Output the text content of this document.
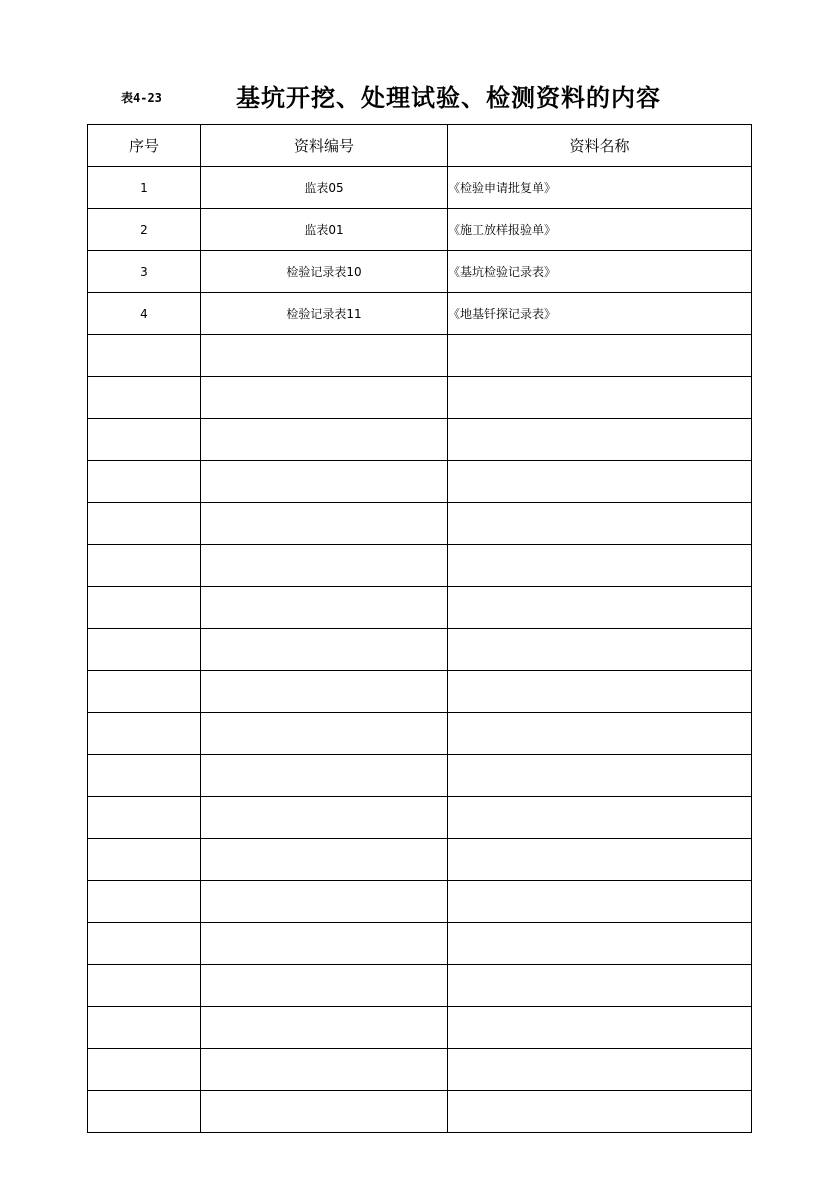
表4-23	基坑开挖、处理试验、检测资料的内容
序号	资料编号	资料名称
1	监表05	《检验申请批复单》
2	监表01	《施工放样报验单》
3	检验记录表10	《基坑检验记录表》
4	检验记录表11	《地基钎探记录表》
